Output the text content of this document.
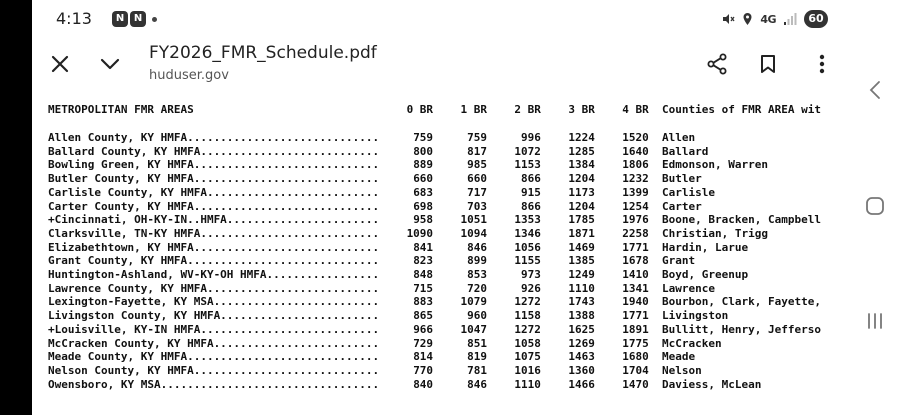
4:13	N N	4G	60
FY2026_FMR_Schedule.pdf
huduser.gov
METROPOLITAN FMR AREAS	0 BR 1 BR 2 BR 3 BR 4 BR Counties of FMR AREA wit
Allen County, KY HMFA.............................	759	759	996 1224 1520 Allen
Ballard County, KY HMFA...........................	800	817 1072 1285 1640 Ballard
Bowling Green, KY HMFA............................	889	985 1153 1384 1806 Edmonson, Warren
Butler County, KY HMFA............................	660	660	866 1204 1232 Butler
Carlisle County, KY HMFA..........................	683	717	915 1173 1399 Carlisle
Carter County, KY HMFA............................	698	703	866 1204 1254 Carter
+Cincinnati, OH-KY-IN..HMFA.......................	958 1051 1353 1785 1976 Boone, Bracken, Campbell
Clarksville, TN-KY HMFA........................... 1090 1094 1346 1871 2258 Christian, Trigg
Elizabethtown, KY HMFA............................	841	846 1056 1469 1771 Hardin, Larue
Grant County, KY HMFA.............................	823	899 1155 1385 1678 Grant
Huntington-Ashland, WV-KY-OH HMFA.................	848	853	973 1249 1410 Boyd, Greenup
Lawrence County, KY HMFA..........................	715	720	926 1110 1341 Lawrence
Lexington-Fayette, KY MSA.........................	883 1079 1272 1743 1940 Bourbon, Clark, Fayette,
Livingston County, KY HMFA........................	865	960 1158 1388 1771 Livingston
+Louisville, KY-IN HMFA...........................	966 1047 1272 1625 1891 Bullitt, Henry, Jefferso
McCracken County, KY HMFA.........................	729	851 1058 1269 1775 McCracken
Meade County, KY HMFA.............................	814	819 1075 1463 1680 Meade
Nelson County, KY HMFA............................	770	781 1016 1360 1704 Nelson
Owensboro, KY MSA.................................	840	846 1110 1466 1470 Daviess, McLean
